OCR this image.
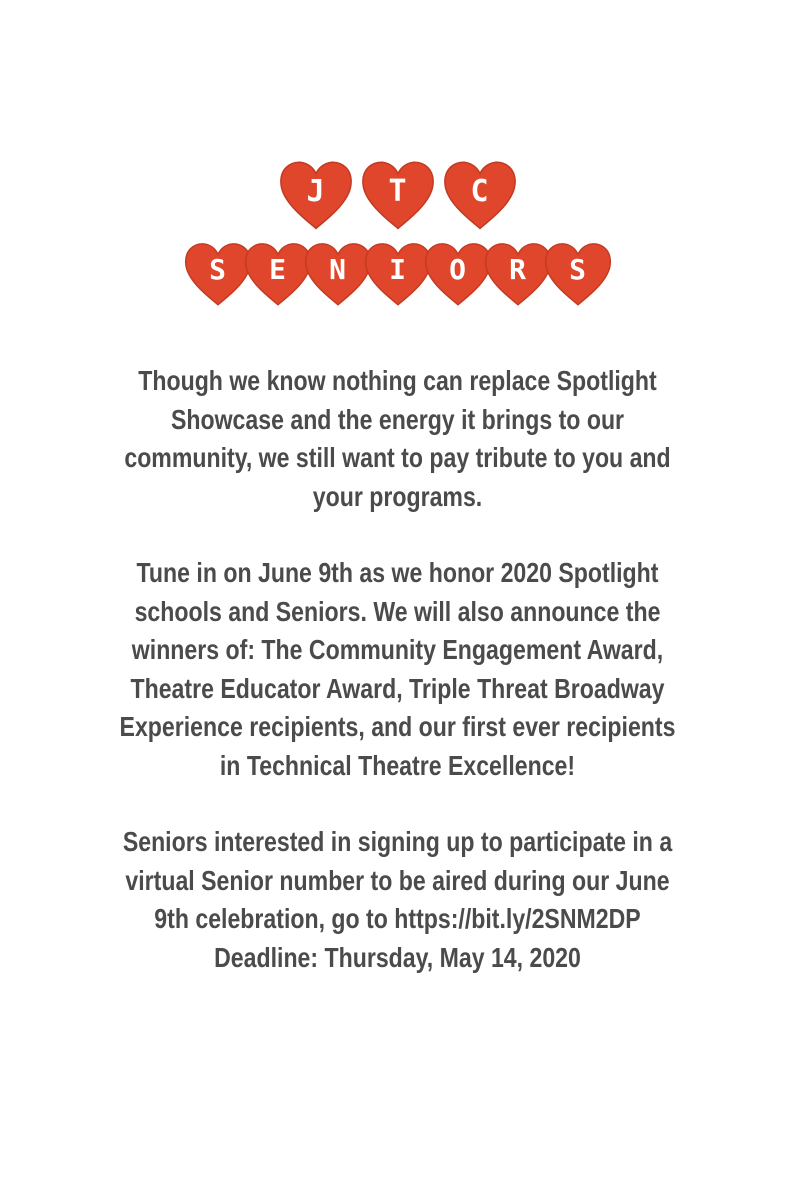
J	T	C
S	E	N	I	O	R	S

Though we know nothing can replace Spotlight
Showcase and the energy it brings to our
community, we still want to pay tribute to you and
your programs.

Tune in on June 9th as we honor 2020 Spotlight
schools and Seniors. We will also announce the
winners of: The Community Engagement Award,
Theatre Educator Award, Triple Threat Broadway
Experience recipients, and our first ever recipients
in Technical Theatre Excellence!

Seniors interested in signing up to participate in a
virtual Senior number to be aired during our June
9th celebration, go to https://bit.ly/2SNM2DP
Deadline: Thursday, May 14, 2020
